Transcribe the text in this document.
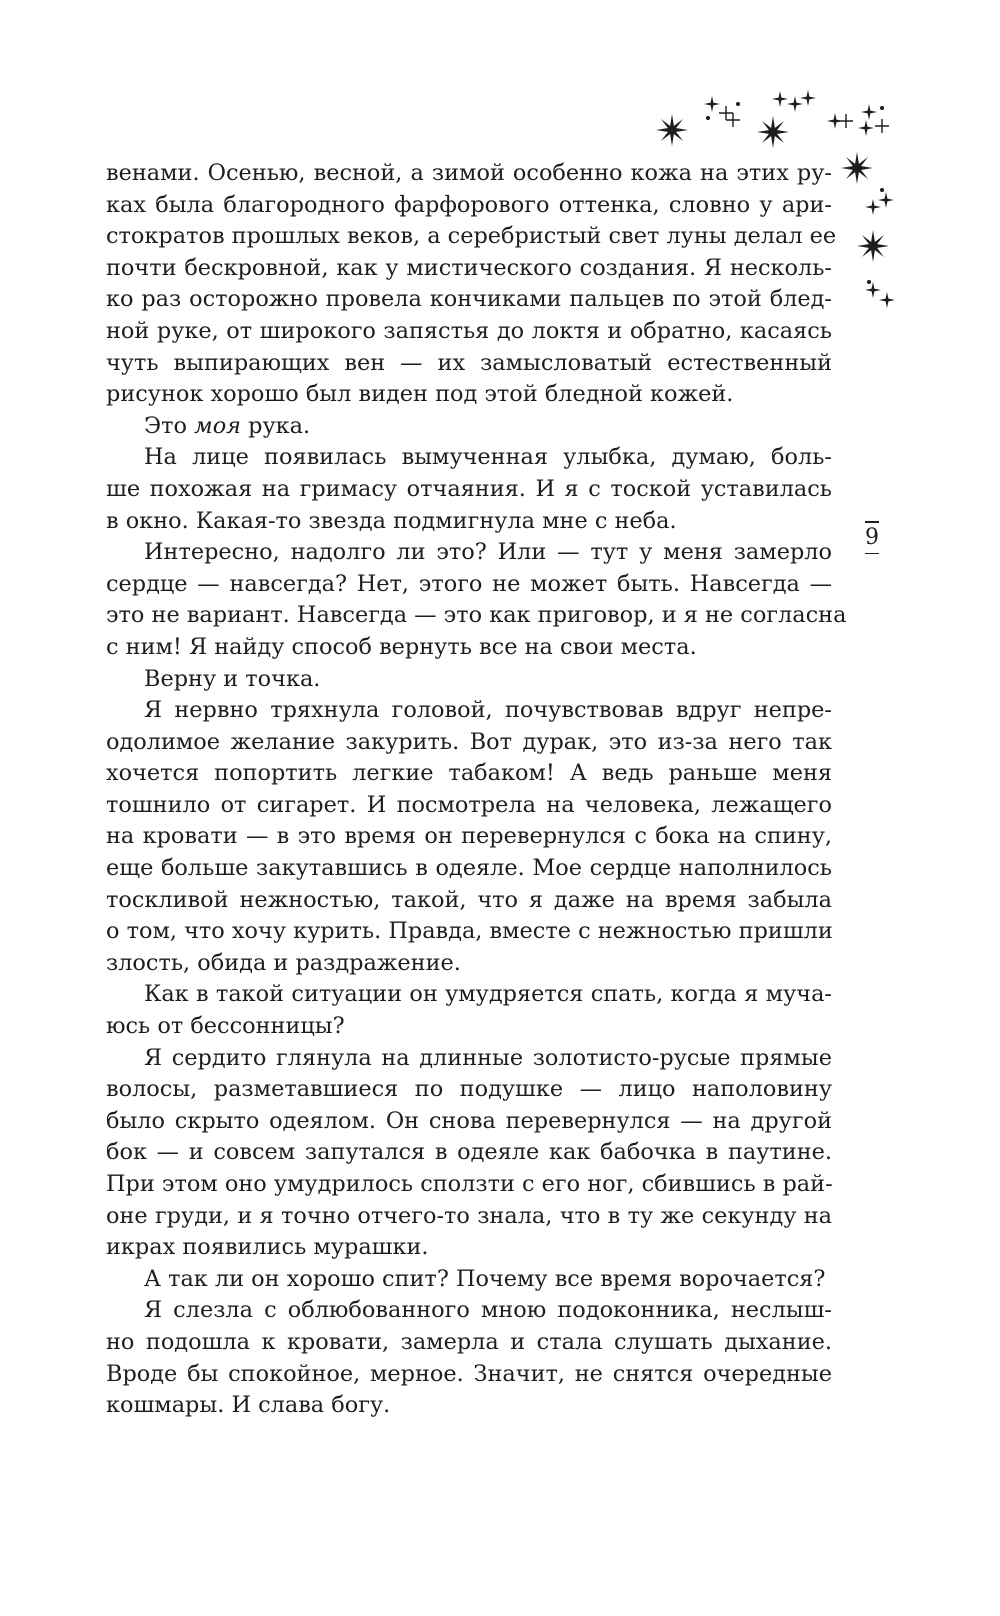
венами. Осенью, весной, а зимой особенно кожа на этих ру-
ках была благородного фарфорового оттенка, словно у ари-
стократов прошлых веков, а серебристый свет луны делал ее
почти бескровной, как у мистического создания. Я несколь-
ко раз осторожно провела кончиками пальцев по этой блед-
ной руке, от широкого запястья до локтя и обратно, касаясь
чуть выпирающих вен — их замысловатый естественный
рисунок хорошо был виден под этой бледной кожей.
Это моя рука.
На лице появилась вымученная улыбка, думаю, боль-
ше похожая на гримасу отчаяния. И я с тоской уставилась
в окно. Какая-то звезда подмигнула мне с неба.
Интересно, надолго ли это? Или — тут у меня замерло
сердце — навсегда? Нет, этого не может быть. Навсегда —
это не вариант. Навсегда — это как приговор, и я не согласна
с ним! Я найду способ вернуть все на свои места.
Верну и точка.
Я нервно тряхнула головой, почувствовав вдруг непре-
одолимое желание закурить. Вот дурак, это из-за него так
хочется попортить легкие табаком! А ведь раньше меня
тошнило от сигарет. И посмотрела на человека, лежащего
на кровати — в это время он перевернулся с бока на спину,
еще больше закутавшись в одеяле. Мое сердце наполнилось
тоскливой нежностью, такой, что я даже на время забыла
о том, что хочу курить. Правда, вместе с нежностью пришли
злость, обида и раздражение.
Как в такой ситуации он умудряется спать, когда я муча-
юсь от бессонницы?
Я сердито глянула на длинные золотисто-русые прямые
волосы, разметавшиеся по подушке — лицо наполовину
было скрыто одеялом. Он снова перевернулся — на другой
бок — и совсем запутался в одеяле как бабочка в паутине.
При этом оно умудрилось сползти с его ног, сбившись в рай-
оне груди, и я точно отчего-то знала, что в ту же секунду на
икрах появились мурашки.
А так ли он хорошо спит? Почему все время ворочается?
Я слезла с облюбованного мною подоконника, неслыш-
но подошла к кровати, замерла и стала слушать дыхание.
Вроде бы спокойное, мерное. Значит, не снятся очередные
кошмары. И слава богу.
9
